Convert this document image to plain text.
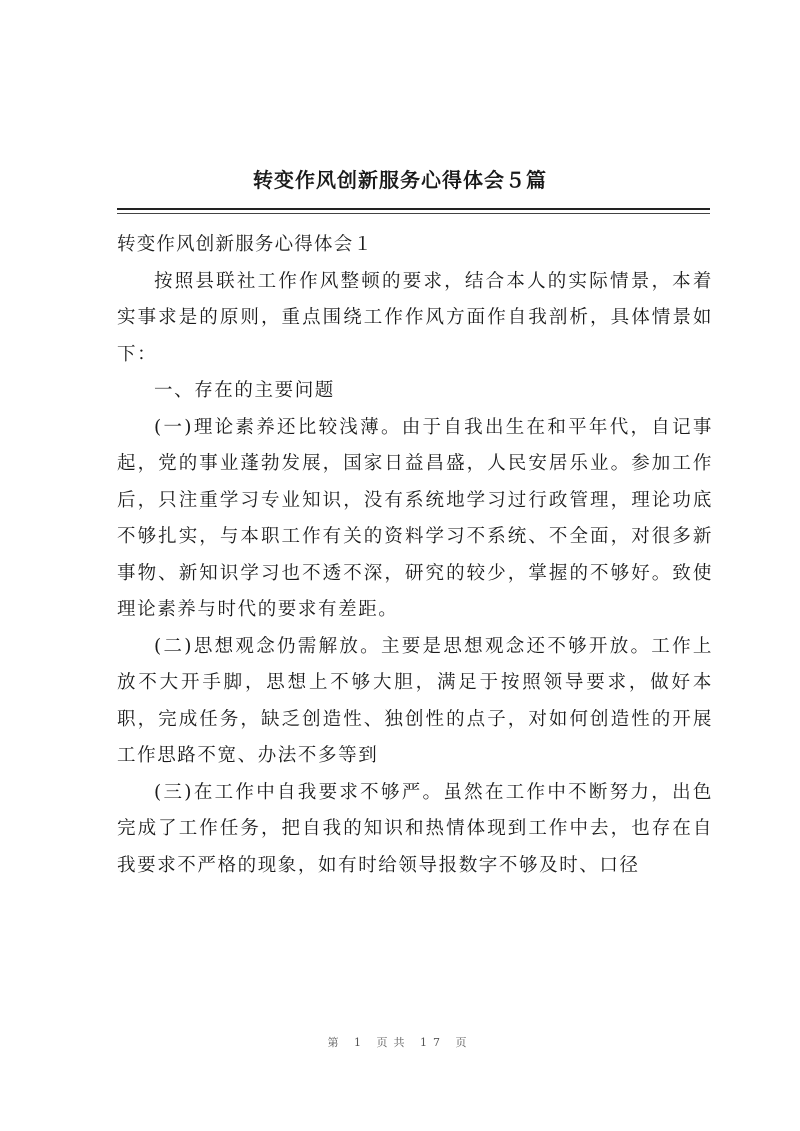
转变作风创新服务心得体会５篇

转变作风创新服务心得体会１

按照县联社工作作风整顿的要求，结合本人的实际情景，本着实事求是的原则，重点围绕工作作风方面作自我剖析，具体情景如下：

一、存在的主要问题

(一)理论素养还比较浅薄。由于自我出生在和平年代，自记事起，党的事业蓬勃发展，国家日益昌盛，人民安居乐业。参加工作后，只注重学习专业知识，没有系统地学习过行政管理，理论功底不够扎实，与本职工作有关的资料学习不系统、不全面，对很多新事物、新知识学习也不透不深，研究的较少，掌握的不够好。致使理论素养与时代的要求有差距。

(二)思想观念仍需解放。主要是思想观念还不够开放。工作上放不大开手脚，思想上不够大胆，满足于按照领导要求，做好本职，完成任务，缺乏创造性、独创性的点子，对如何创造性的开展工作思路不宽、办法不多等到

(三)在工作中自我要求不够严。虽然在工作中不断努力，出色完成了工作任务，把自我的知识和热情体现到工作中去，也存在自我要求不严格的现象，如有时给领导报数字不够及时、口径

第 1 页共 17 页
